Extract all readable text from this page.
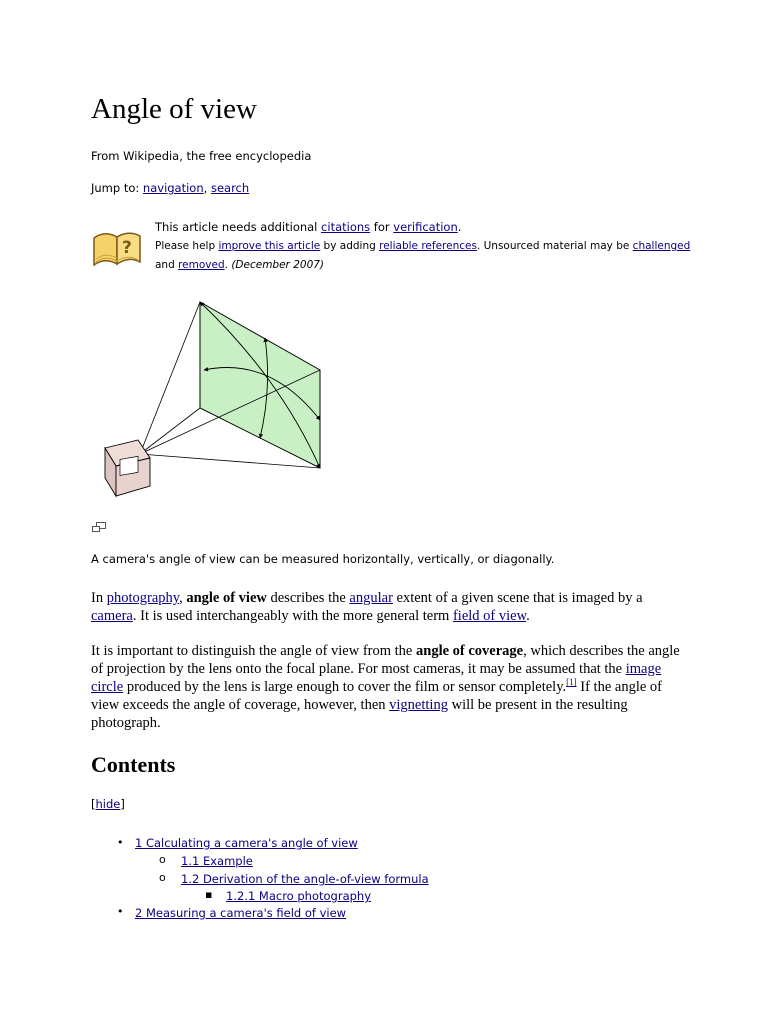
Angle of view
From Wikipedia, the free encyclopedia
Jump to: navigation, search
?
This article needs additional citations for verification.
Please help improve this article by adding reliable references. Unsourced material may be challenged
and removed. (December 2007)
A camera's angle of view can be measured horizontally, vertically, or diagonally.

In photography, angle of view describes the angular extent of a given scene that is imaged by a camera. It is used interchangeably with the more general term field of view.

It is important to distinguish the angle of view from the angle of coverage, which describes the angle of projection by the lens onto the focal plane. For most cameras, it may be assumed that the image circle produced by the lens is large enough to cover the film or sensor completely.[1] If the angle of view exceeds the angle of coverage, however, then vignetting will be present in the resulting photograph.

Contents
[hide]
• 1 Calculating a camera's angle of view
o 1.1 Example
o 1.2 Derivation of the angle-of-view formula
▪ 1.2.1 Macro photography
• 2 Measuring a camera's field of view
